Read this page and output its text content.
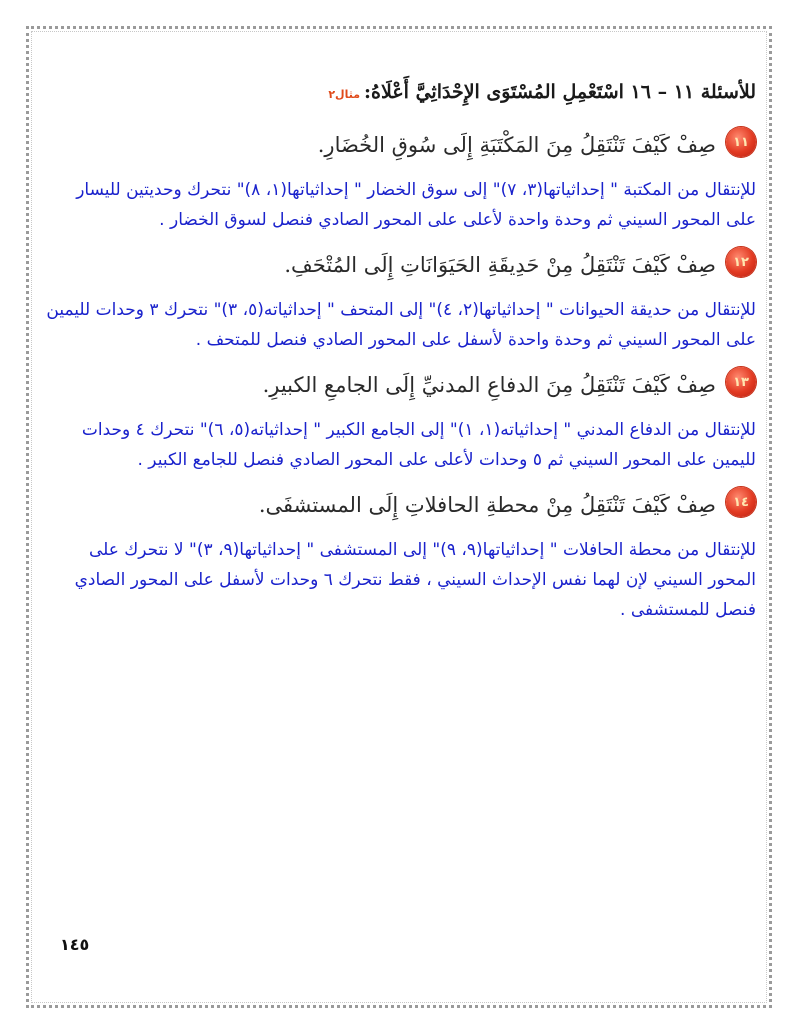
للأسئلة ١١ – ١٦ اسْتَعْمِلِ المُسْتَوَى الإِحْدَاثِيَّ أَعْلَاهُ:مثال٢
١١
صِفْ كَيْفَ تَنْتَقِلُ مِنَ المَكْتَبَةِ إِلَى سُوقِ الخُضَارِ.
للإنتقال من المكتبة " إحداثياتها(٣، ٧)" إلى سوق الخضار " إحداثياتها(١، ٨)" نتحرك وحديتين لليسار على المحور السيني ثم وحدة واحدة لأعلى على المحور الصادي فنصل لسوق الخضار .
١٢
صِفْ كَيْفَ تَنْتَقِلُ مِنْ حَدِيقَةِ الحَيَوَانَاتِ إِلَى المُتْحَفِ.
للإنتقال من حديقة الحيوانات " إحداثياتها(٢، ٤)" إلى المتحف " إحداثياته(٥، ٣)" نتحرك ٣ وحدات لليمين على المحور السيني ثم وحدة واحدة لأسفل على المحور الصادي فنصل للمتحف .
١٣
صِفْ كَيْفَ تَنْتَقِلُ مِنَ الدفاعِ المدنيِّ إِلَى الجامعِ الكبيرِ.
للإنتقال من الدفاع المدني " إحداثياته(١، ١)" إلى الجامع الكبير " إحداثياته(٥، ٦)" نتحرك ٤ وحدات لليمين على المحور السيني ثم ٥ وحدات لأعلى على المحور الصادي فنصل للجامع الكبير .
١٤
صِفْ كَيْفَ تَنْتَقِلُ مِنْ محطةِ الحافلاتِ إِلَى المستشفَى.
للإنتقال من محطة الحافلات " إحداثياتها(٩، ٩)" إلى المستشفى " إحداثياتها(٩، ٣)" لا نتحرك على المحور السيني لإن لهما نفس الإحداث السيني ، فقط نتحرك ٦ وحدات لأسفل على المحور الصادي فنصل للمستشفى .
١٤٥
